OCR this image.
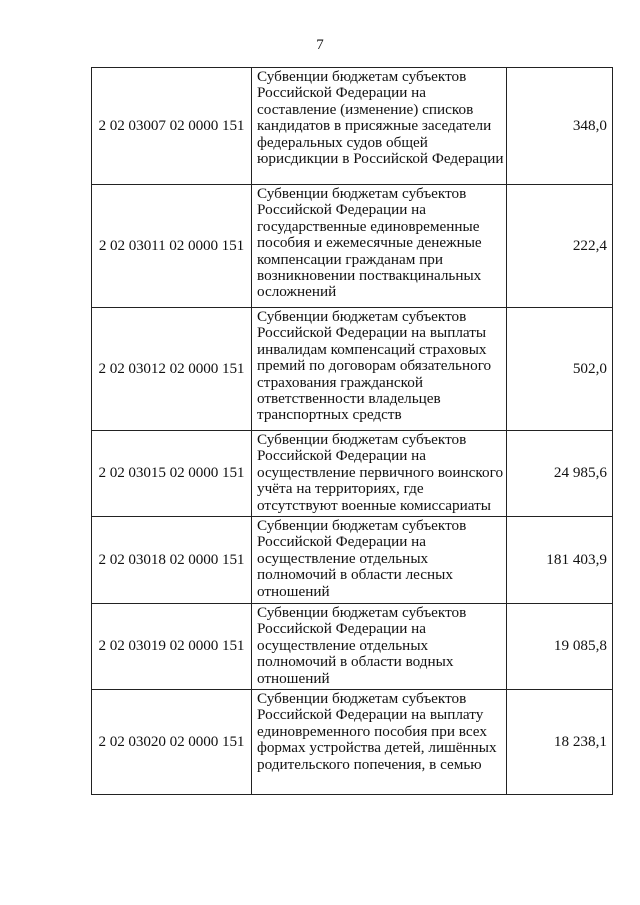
7
2 02 03007 02 0000 151	Субвенции бюджетам субъектов Российской Федерации на составление (изменение) списков кандидатов в присяжные заседатели федеральных судов общей юрисдикции в Российской Федерации	348,0
2 02 03011 02 0000 151	Субвенции бюджетам субъектов Российской Федерации на государственные единовременные пособия и ежемесячные денежные компенсации гражданам при возникновении поствакцинальных осложнений	222,4
2 02 03012 02 0000 151	Субвенции бюджетам субъектов Российской Федерации на выплаты инвалидам компенсаций страховых премий по договорам обязательного страхования гражданской ответственности владельцев транспортных средств	502,0
2 02 03015 02 0000 151	Субвенции бюджетам субъектов Российской Федерации на осуществление первичного воинского учёта на территориях, где отсутствуют военные комиссариаты	24 985,6
2 02 03018 02 0000 151	Субвенции бюджетам субъектов Российской Федерации на осуществление отдельных полномочий в области лесных отношений	181 403,9
2 02 03019 02 0000 151	Субвенции бюджетам субъектов Российской Федерации на осуществление отдельных полномочий в области водных отношений	19 085,8
2 02 03020 02 0000 151	Субвенции бюджетам субъектов Российской Федерации на выплату единовременного пособия при всех формах устройства детей, лишённых родительского попечения, в семью	18 238,1
